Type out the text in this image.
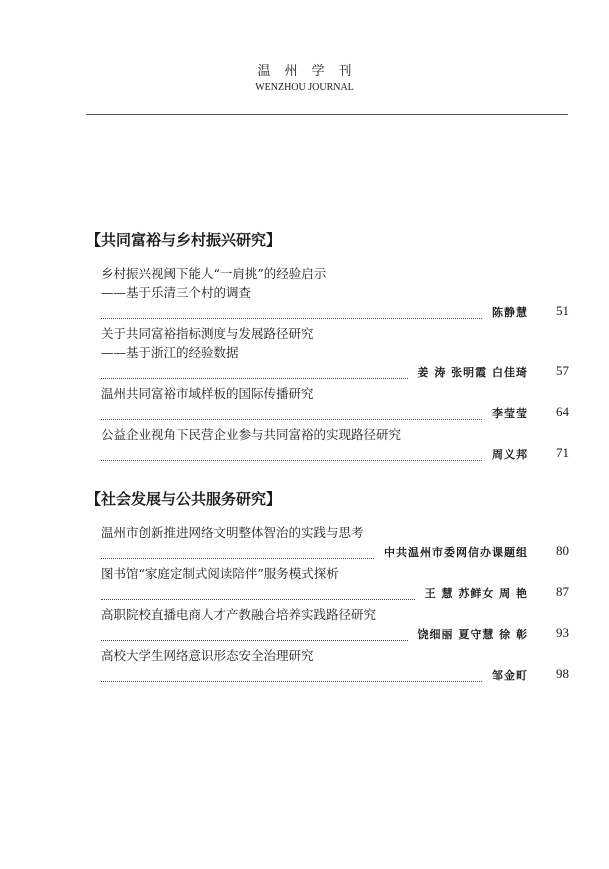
温州学刊
WENZHOU JOURNAL
【共同富裕与乡村振兴研究】
乡村振兴视阈下能人“一肩挑”的经验启示
——基于乐清三个村的调查
陈静慧	51
关于共同富裕指标测度与发展路径研究
——基于浙江的经验数据
姜 涛 张明霞 白佳琦	57
温州共同富裕市域样板的国际传播研究
李莹莹	64
公益企业视角下民营企业参与共同富裕的实现路径研究
周义邦	71
【社会发展与公共服务研究】
温州市创新推进网络文明整体智治的实践与思考
中共温州市委网信办课题组	80
图书馆“家庭定制式阅读陪伴”服务模式探析
王 慧 苏鲜女 周 艳	87
高职院校直播电商人才产教融合培养实践路径研究
饶细丽 夏守慧 徐 彰	93
高校大学生网络意识形态安全治理研究
邹金町	98
